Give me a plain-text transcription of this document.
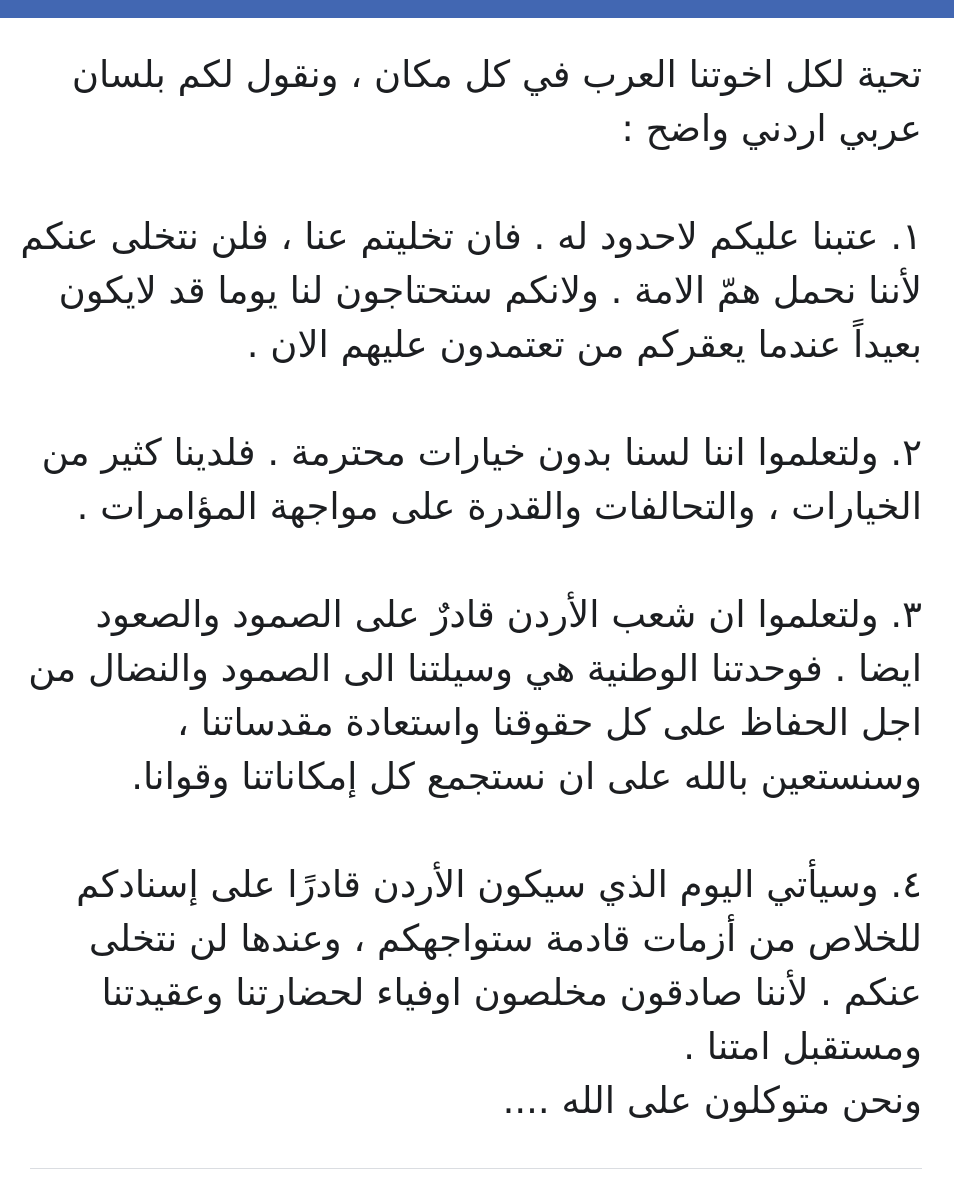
تحية لكل اخوتنا العرب في كل مكان ، ونقول لكم بلسان
عربي اردني واضح :

١. عتبنا عليكم لاحدود له . فان تخليتم عنا ، فلن نتخلى عنكم
لأننا نحمل همّ الامة . ولانكم ستحتاجون لنا يوما قد لايكون
بعيداً عندما يعقركم من تعتمدون عليهم الان .

٢. ولتعلموا اننا لسنا بدون خيارات محترمة . فلدينا كثير من
الخيارات ، والتحالفات والقدرة على مواجهة المؤامرات .

٣. ولتعلموا ان شعب الأردن قادرٌ على الصمود والصعود
ايضا . فوحدتنا الوطنية هي وسيلتنا الى الصمود والنضال من
اجل الحفاظ على كل حقوقنا واستعادة مقدساتنا ،
وسنستعين بالله على ان نستجمع كل إمكاناتنا وقوانا.

٤. وسيأتي اليوم الذي سيكون الأردن قادرًا على إسنادكم
للخلاص من أزمات قادمة ستواجهكم ، وعندها لن نتخلى
عنكم . لأننا صادقون مخلصون اوفياء لحضارتنا وعقيدتنا
ومستقبل امتنا .
ونحن متوكلون على الله ....
